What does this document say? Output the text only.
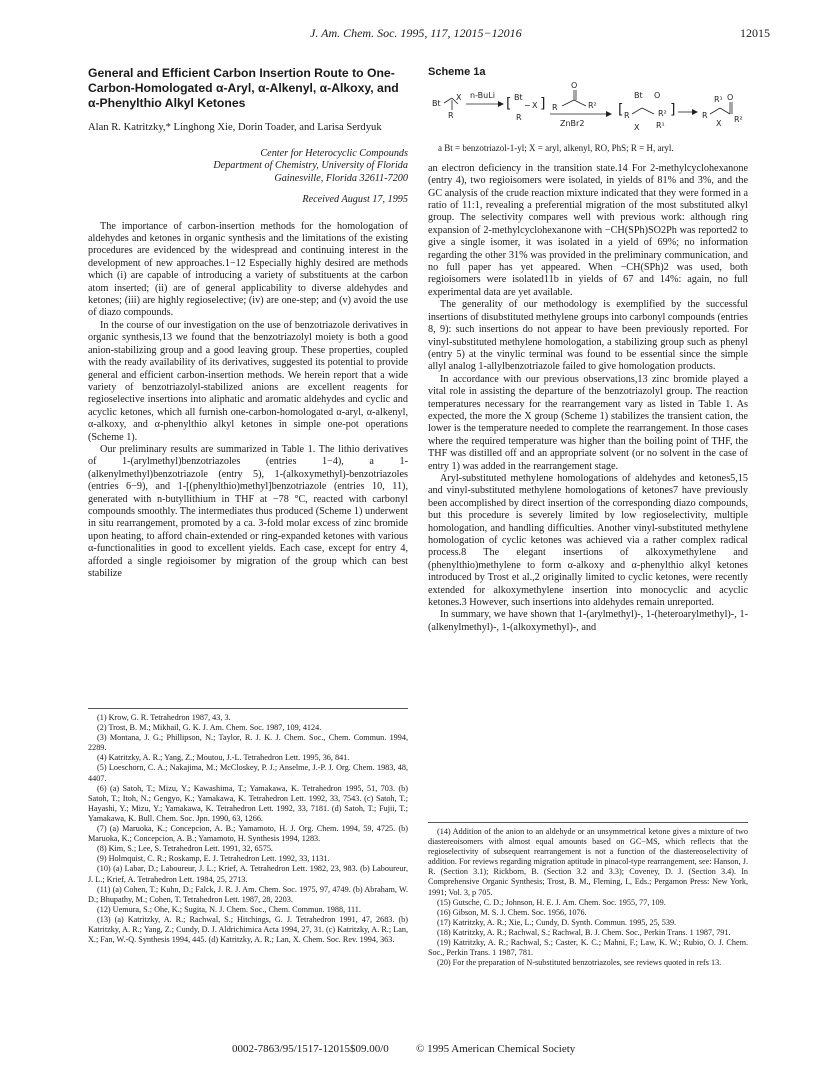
J. Am. Chem. Soc. 1995, 117, 12015−12016	12015

General and Efficient Carbon Insertion Route to One-Carbon-Homologated α-Aryl, α-Alkenyl, α-Alkoxy, and α-Phenylthio Alkyl Ketones

Alan R. Katritzky,* Linghong Xie, Dorin Toader, and Larisa Serdyuk

Center for Heterocyclic Compounds

Department of Chemistry, University of Florida

Gainesville, Florida 32611-7200

Received August 17, 1995

The importance of carbon-insertion methods for the homologation of aldehydes and ketones in organic synthesis and the limitations of the existing procedures are evidenced by the widespread and continuing interest in the development of new approaches.1−12 Especially highly desired are methods which (i) are capable of introducing a variety of substituents at the carbon atom inserted; (ii) are of general applicability to diverse aldehydes and ketones; (iii) are highly regioselective; (iv) are one-step; and (v) avoid the use of diazo compounds.

In the course of our investigation on the use of benzotriazole derivatives in organic synthesis,13 we found that the benzotriazolyl moiety is both a good anion-stabilizing group and a good leaving group. These properties, coupled with the ready availability of its derivatives, suggested its potential to provide general and efficient carbon-insertion methods. We herein report that a wide variety of benzotriazolyl-stabilized anions are excellent reagents for regioselective insertions into aliphatic and aromatic aldehydes and cyclic and acyclic ketones, which all furnish one-carbon-homologated α-aryl, α-alkenyl, α-alkoxy, and α-phenylthio alkyl ketones in simple one-pot operations (Scheme 1).

Our preliminary results are summarized in Table 1. The lithio derivatives of 1-(arylmethyl)benzotriazoles (entries 1−4), a 1-(alkenylmethyl)benzotriazole (entry 5), 1-(alkoxymethyl)-benzotriazoles (entries 6−9), and 1-[(phenylthio)methyl]benzotriazole (entries 10, 11), generated with n-butyllithium in THF at −78 °C, reacted with carbonyl compounds smoothly. The intermediates thus produced (Scheme 1) underwent in situ rearrangement, promoted by a ca. 3-fold molar excess of zinc bromide upon heating, to afford chain-extended or ring-expanded ketones with various α-functionalities in good to excellent yields. Each case, except for entry 4, afforded a single regioisomer by migration of the group which can best stabilize

(1) Krow, G. R. Tetrahedron 1987, 43, 3.

(2) Trost, B. M.; Mikhail, G. K. J. Am. Chem. Soc. 1987, 109, 4124.

(3) Montana, J. G.; Phillipson, N.; Taylor, R. J. K. J. Chem. Soc., Chem. Commun. 1994, 2289.

(4) Katritzky, A. R.; Yang, Z.; Moutou, J.-L. Tetrahedron Lett. 1995, 36, 841.

(5) Loeschorn, C. A.; Nakajima, M.; McCloskey, P. J.; Anselme, J.-P. J. Org. Chem. 1983, 48, 4407.

(6) (a) Satoh, T.; Mizu, Y.; Kawashima, T.; Yamakawa, K. Tetrahedron 1995, 51, 703. (b) Satoh, T.; Itoh, N.; Gengyo, K.; Yamakawa, K. Tetrahedron Lett. 1992, 33, 7543. (c) Satoh, T.; Hayashi, Y.; Mizu, Y.; Yamakawa, K. Tetrahedron Lett. 1992, 33, 7181. (d) Satoh, T.; Fujii, T.; Yamakawa, K. Bull. Chem. Soc. Jpn. 1990, 63, 1266.

(7) (a) Maruoka, K.; Concepcion, A. B.; Yamamoto, H. J. Org. Chem. 1994, 59, 4725. (b) Maruoka, K.; Concepcion, A. B.; Yamamoto, H. Synthesis 1994, 1283.

(8) Kim, S.; Lee, S. Tetrahedron Lett. 1991, 32, 6575.

(9) Holmquist, C. R.; Roskamp, E. J. Tetrahedron Lett. 1992, 33, 1131.

(10) (a) Labar, D.; Laboureur, J. L.; Krief, A. Tetrahedron Lett. 1982, 23, 983. (b) Laboureur, J. L.; Krief, A. Tetrahedron Lett. 1984, 25, 2713.

(11) (a) Cohen, T.; Kuhn, D.; Falck, J. R. J. Am. Chem. Soc. 1975, 97, 4749. (b) Abraham, W. D.; Bhupathy, M.; Cohen, T. Tetrahedron Lett. 1987, 28, 2203.

(12) Uemura, S.; Ohe, K.; Sugita, N. J. Chem. Soc., Chem. Commun. 1988, 111.

(13) (a) Katritzky, A. R.; Rachwal, S.; Hitchings, G. J. Tetrahedron 1991, 47, 2683. (b) Katritzky, A. R.; Yang, Z.; Cundy, D. J. Aldrichimica Acta 1994, 27, 31. (c) Katritzky, A. R.; Lan, X.; Fan, W.-Q. Synthesis 1994, 445. (d) Katritzky, A. R.; Lan, X. Chem. Soc. Rev. 1994, 363.

Scheme 1a

Bt
X
R
n-BuLi
[ Bt
− X
R
] R
O
R²
ZnBr2
[ R
Bt O
X R¹
R² ]	R
O
R¹
X R²

a Bt = benzotriazol-1-yl; X = aryl, alkenyl, RO, PhS; R = H, aryl.

an electron deficiency in the transition state.14 For 2-methylcyclohexanone (entry 4), two regioisomers were isolated, in yields of 81% and 3%, and the GC analysis of the crude reaction mixture indicated that they were formed in a ratio of 11:1, revealing a preferential migration of the most substituted alkyl group. The selectivity compares well with previous work: although ring expansion of 2-methylcyclohexanone with −CH(SPh)SO2Ph was reported2 to give a single isomer, it was isolated in a yield of 69%; no information regarding the other 31% was provided in the preliminary communication, and no full paper has yet appeared. When −CH(SPh)2 was used, both regioisomers were isolated11b in yields of 67 and 14%: again, no full experimental data are yet available.

The generality of our methodology is exemplified by the successful insertions of disubstituted methylene groups into carbonyl compounds (entries 8, 9): such insertions do not appear to have been previously reported. For vinyl-substituted methylene homologation, a stabilizing group such as phenyl (entry 5) at the vinylic terminal was found to be essential since the simple allyl analog 1-allylbenzotriazole failed to give homologation products.

In accordance with our previous observations,13 zinc bromide played a vital role in assisting the departure of the benzotriazolyl group. The reaction temperatures necessary for the rearrangement vary as listed in Table 1. As expected, the more the X group (Scheme 1) stabilizes the transient cation, the lower is the temperature needed to complete the rearrangement. In those cases where the required temperature was higher than the boiling point of THF, the THF was distilled off and an appropriate solvent (or no solvent in the case of entry 1) was added in the rearrangement stage.

Aryl-substituted methylene homologations of aldehydes and ketones5,15 and vinyl-substituted methylene homologations of ketones7 have previously been accomplished by direct insertion of the corresponding diazo compounds, but this procedure is severely limited by low regioselectivity, multiple homologation, and handling difficulties. Another vinyl-substituted methylene homologation of cyclic ketones was achieved via a rather complex radical process.8 The elegant insertions of alkoxymethylene and (phenylthio)methylene to form α-alkoxy and α-phenylthio alkyl ketones introduced by Trost et al.,2 originally limited to cyclic ketones, were recently extended for alkoxymethylene insertion into monocyclic and acyclic ketones.3 However, such insertions into aldehydes remain unreported.

In summary, we have shown that 1-(arylmethyl)-, 1-(heteroarylmethyl)-, 1-(alkenylmethyl)-, 1-(alkoxymethyl)-, and

(14) Addition of the anion to an aldehyde or an unsymmetrical ketone gives a mixture of two diastereoisomers with almost equal amounts based on GC−MS, which reflects that the regioselectivity of subsequent rearrangement is not a function of the diastereoselectivity of addition. For reviews regarding migration aptitude in pinacol-type rearrangement, see: Hanson, J. R. (Section 3.1); Rickborn, B. (Section 3.2 and 3.3); Coveney, D. J. (Section 3.4). In Comprehensive Organic Synthesis; Trost, B. M., Fleming, I., Eds.; Pergamon Press: New York, 1991; Vol. 3, p 705.

(15) Gutsche, C. D.; Johnson, H. E. J. Am. Chem. Soc. 1955, 77, 109.

(16) Gibson, M. S. J. Chem. Soc. 1956, 1076.

(17) Katritzky, A. R.; Xie, L.; Cundy, D. Synth. Commun. 1995, 25, 539.

(18) Katritzky, A. R.; Rachwal, S.; Rachwal, B. J. Chem. Soc., Perkin Trans. 1 1987, 791.

(19) Katritzky, A. R.; Rachwal, S.; Caster, K. C.; Mahni, F.; Law, K. W.; Rubio, O. J. Chem. Soc., Perkin Trans. 1 1987, 781.

(20) For the preparation of N-substituted benzotriazoles, see reviews quoted in refs 13.

0002-7863/95/1517-12015$09.00/0 © 1995 American Chemical Society
